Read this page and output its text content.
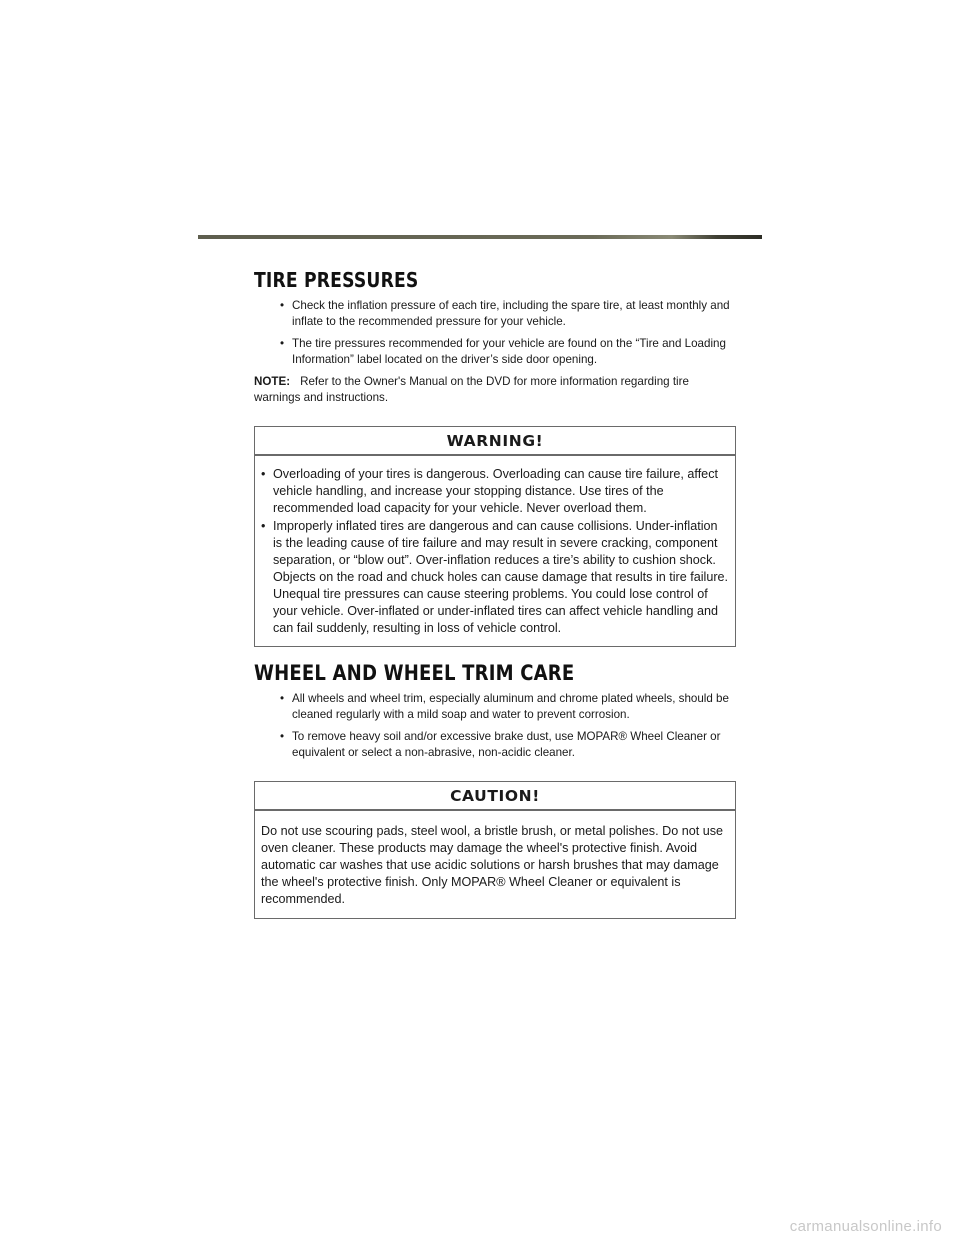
TIRE PRESSURES
• Check the inflation pressure of each tire, including the spare tire, at least monthly and inflate to the recommended pressure for your vehicle.
• The tire pressures recommended for your vehicle are found on the “Tire and Loading Information” label located on the driver’s side door opening.
NOTE: Refer to the Owner's Manual on the DVD for more information regarding tire warnings and instructions.
WARNING!
• Overloading of your tires is dangerous. Overloading can cause tire failure, affect vehicle handling, and increase your stopping distance. Use tires of the recommended load capacity for your vehicle. Never overload them.
• Improperly inflated tires are dangerous and can cause collisions. Under-inflation is the leading cause of tire failure and may result in severe cracking, component separation, or “blow out”. Over-inflation reduces a tire’s ability to cushion shock. Objects on the road and chuck holes can cause damage that results in tire failure. Unequal tire pressures can cause steering problems. You could lose control of your vehicle. Over-inflated or under-inflated tires can affect vehicle handling and can fail suddenly, resulting in loss of vehicle control.
WHEEL AND WHEEL TRIM CARE
• All wheels and wheel trim, especially aluminum and chrome plated wheels, should be cleaned regularly with a mild soap and water to prevent corrosion.
• To remove heavy soil and/or excessive brake dust, use MOPAR® Wheel Cleaner or equivalent or select a non-abrasive, non-acidic cleaner.
CAUTION!
Do not use scouring pads, steel wool, a bristle brush, or metal polishes. Do not use oven cleaner. These products may damage the wheel's protective finish. Avoid automatic car washes that use acidic solutions or harsh brushes that may damage the wheel's protective finish. Only MOPAR® Wheel Cleaner or equivalent is recommended.
carmanualsonline.info
